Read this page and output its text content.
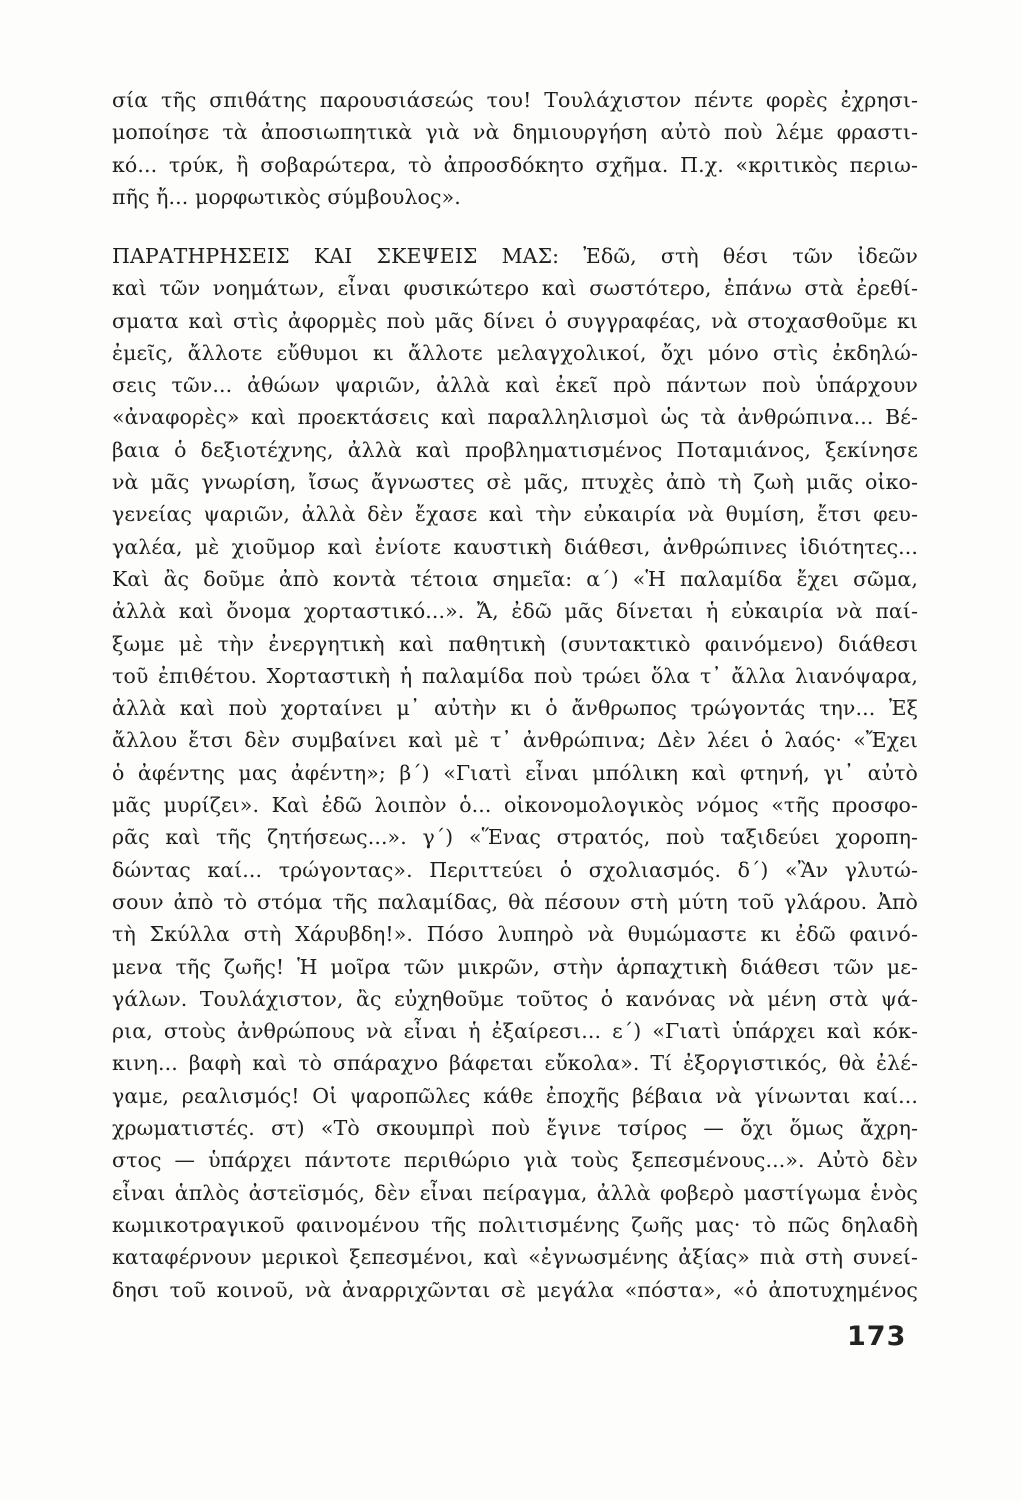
σία τῆς σπιθάτης παρουσιάσεώς του! Τουλάχιστον πέντε φορὲς ἐχρησι-
μοποίησε τὰ ἀποσιωπητικὰ γιὰ νὰ δημιουργήση αὐτὸ ποὺ λέμε φραστι-
κό... τρύκ, ἢ σοβαρώτερα, τὸ ἀπροσδόκητο σχῆμα. Π.χ. «κριτικὸς περιω-
πῆς ἤ... μορφωτικὸς σύμβουλος».
ΠΑΡΑΤΗΡΗΣΕΙΣ ΚΑΙ ΣΚΕΨΕΙΣ ΜΑΣ: Ἐδῶ, στὴ θέσι τῶν ἰδεῶν
καὶ τῶν νοημάτων, εἶναι φυσικώτερο καὶ σωστότερο, ἐπάνω στὰ ἐρεθί-
σματα καὶ στὶς ἀφορμὲς ποὺ μᾶς δίνει ὁ συγγραφέας, νὰ στοχασθοῦμε κι
ἐμεῖς, ἄλλοτε εὔθυμοι κι ἄλλοτε μελαγχολικοί, ὄχι μόνο στὶς ἐκδηλώ-
σεις τῶν... ἀθώων ψαριῶν, ἀλλὰ καὶ ἐκεῖ πρὸ πάντων ποὺ ὑπάρχουν
«ἀναφορὲς» καὶ προεκτάσεις καὶ παραλληλισμοὶ ὡς τὰ ἀνθρώπινα... Βέ-
βαια ὁ δεξιοτέχνης, ἀλλὰ καὶ προβληματισμένος Ποταμιάνος, ξεκίνησε
νὰ μᾶς γνωρίση, ἴσως ἄγνωστες σὲ μᾶς, πτυχὲς ἀπὸ τὴ ζωὴ μιᾶς οἰκο-
γενείας ψαριῶν, ἀλλὰ δὲν ἔχασε καὶ τὴν εὐκαιρία νὰ θυμίση, ἔτσι φευ-
γαλέα, μὲ χιοῦμορ καὶ ἐνίοτε καυστικὴ διάθεσι, ἀνθρώπινες ἰδιότητες...
Καὶ ἂς δοῦμε ἀπὸ κοντὰ τέτοια σημεῖα: α΄) «Ἡ παλαμίδα ἔχει σῶμα,
ἀλλὰ καὶ ὄνομα χορταστικό...». Ἄ, ἐδῶ μᾶς δίνεται ἡ εὐκαιρία νὰ παί-
ξωμε μὲ τὴν ἐνεργητικὴ καὶ παθητικὴ (συντακτικὸ φαινόμενο) διάθεσι
τοῦ ἐπιθέτου. Χορταστικὴ ἡ παλαμίδα ποὺ τρώει ὅλα τ᾽ ἄλλα λιανόψαρα,
ἀλλὰ καὶ ποὺ χορταίνει μ᾽ αὐτὴν κι ὁ ἄνθρωπος τρώγοντάς την... Ἐξ
ἄλλου ἔτσι δὲν συμβαίνει καὶ μὲ τ᾽ ἀνθρώπινα; Δὲν λέει ὁ λαός· «Ἔχει
ὁ ἀφέντης μας ἀφέντη»; β΄) «Γιατὶ εἶναι μπόλικη καὶ φτηνή, γι᾽ αὐτὸ
μᾶς μυρίζει». Καὶ ἐδῶ λοιπὸν ὁ... οἰκονομολογικὸς νόμος «τῆς προσφο-
ρᾶς καὶ τῆς ζητήσεως...». γ΄) «Ἕνας στρατός, ποὺ ταξιδεύει χοροπη-
δώντας καί... τρώγοντας». Περιττεύει ὁ σχολιασμός. δ΄) «Ἂν γλυτώ-
σουν ἀπὸ τὸ στόμα τῆς παλαμίδας, θὰ πέσουν στὴ μύτη τοῦ γλάρου. Ἀπὸ
τὴ Σκύλλα στὴ Χάρυβδη!». Πόσο λυπηρὸ νὰ θυμώμαστε κι ἐδῶ φαινό-
μενα τῆς ζωῆς! Ἡ μοῖρα τῶν μικρῶν, στὴν ἁρπαχτικὴ διάθεσι τῶν με-
γάλων. Τουλάχιστον, ἂς εὐχηθοῦμε τοῦτος ὁ κανόνας νὰ μένη στὰ ψά-
ρια, στοὺς ἀνθρώπους νὰ εἶναι ἡ ἐξαίρεσι... ε΄) «Γιατὶ ὑπάρχει καὶ κόκ-
κινη... βαφὴ καὶ τὸ σπάραχνο βάφεται εὔκολα». Τί ἐξοργιστικός, θὰ ἐλέ-
γαμε, ρεαλισμός! Οἱ ψαροπῶλες κάθε ἐποχῆς βέβαια νὰ γίνωνται καί...
χρωματιστές. στ) «Τὸ σκουμπρὶ ποὺ ἔγινε τσίρος — ὄχι ὅμως ἄχρη-
στος — ὑπάρχει πάντοτε περιθώριο γιὰ τοὺς ξεπεσμένους...». Αὐτὸ δὲν
εἶναι ἁπλὸς ἀστεϊσμός, δὲν εἶναι πείραγμα, ἀλλὰ φοβερὸ μαστίγωμα ἑνὸς
κωμικοτραγικοῦ φαινομένου τῆς πολιτισμένης ζωῆς μας· τὸ πῶς δηλαδὴ
καταφέρνουν μερικοὶ ξεπεσμένοι, καὶ «ἐγνωσμένης ἀξίας» πιὰ στὴ συνεί-
δησι τοῦ κοινοῦ, νὰ ἀναρριχῶνται σὲ μεγάλα «πόστα», «ὁ ἀποτυχημένος
173
